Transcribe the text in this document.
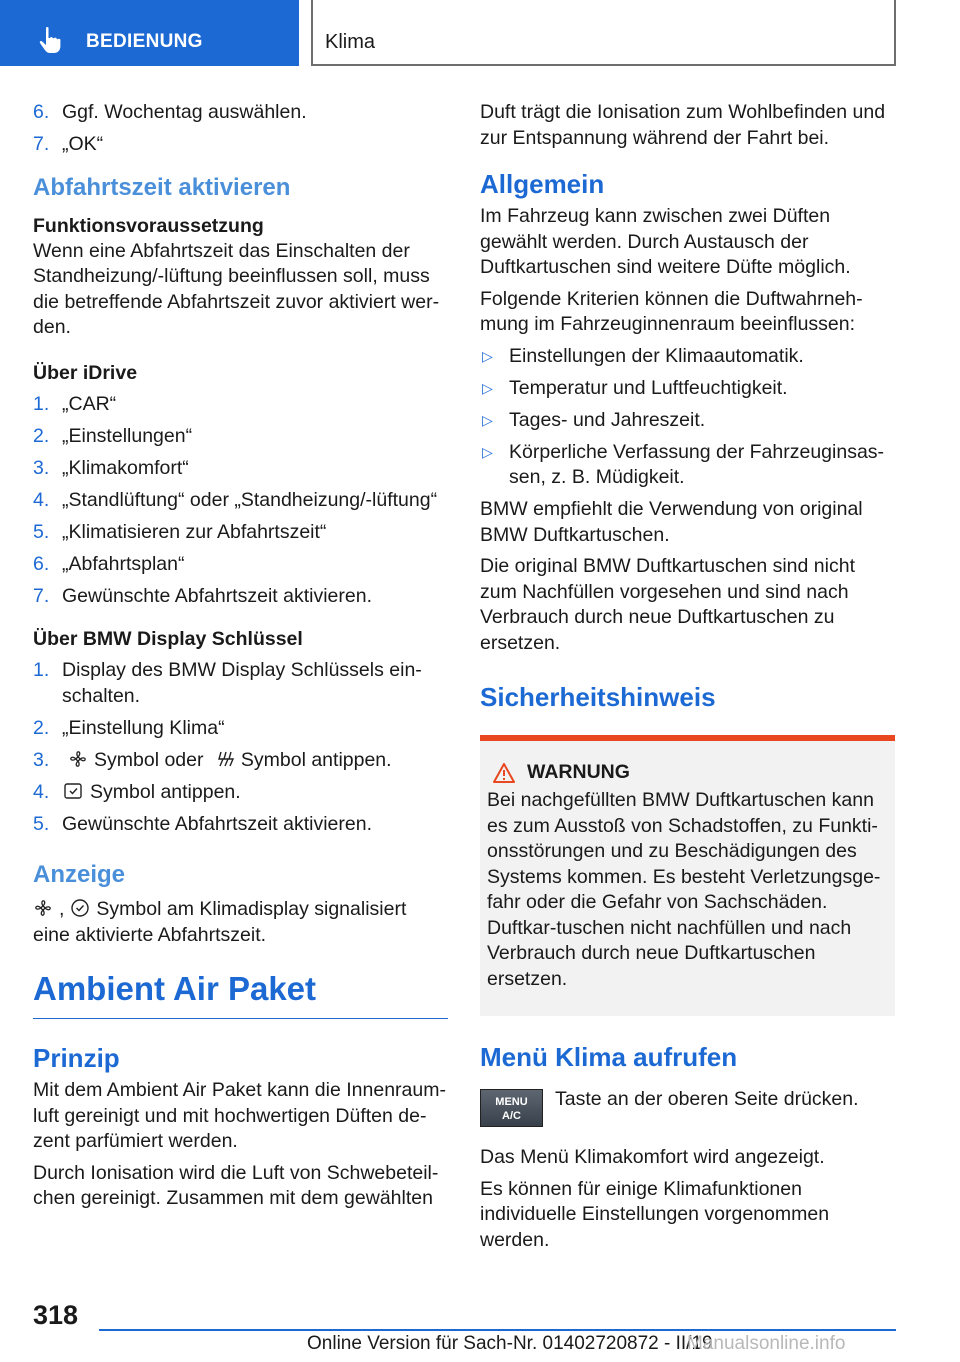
BEDIENUNG	Klima
6. Ggf. Wochentag auswählen.
7. „OK“
Abfahrtszeit aktivieren
Funktionsvoraussetzung

Wenn eine Abfahrtszeit das Einschalten der Standheizung/-lüftung beeinflussen soll, muss die betreffende Abfahrtszeit zuvor aktiviert wer-den.

Über iDrive
1. „CAR“
2. „Einstellungen“
3. „Klimakomfort“
4. „Standlüftung“ oder „Standheizung/-lüftung“
5. „Klimatisieren zur Abfahrtszeit“
6. „Abfahrtsplan“
7. Gewünschte Abfahrtszeit aktivieren.
Über BMW Display Schlüssel
1. Display des BMW Display Schlüssels ein-schalten.
2. „Einstellung Klima“
3. Symbol oder Symbol antippen.
4. Symbol antippen.
5. Gewünschte Abfahrtszeit aktivieren.
Anzeige

, Symbol am Klimadisplay signalisiert eine aktivierte Abfahrtszeit.

Ambient Air Paket
Prinzip

Mit dem Ambient Air Paket kann die Innenraum-luft gereinigt und mit hochwertigen Düften de-zent parfümiert werden.

Durch Ionisation wird die Luft von Schwebeteil-chen gereinigt. Zusammen mit dem gewählten

Duft trägt die Ionisation zum Wohlbefinden und zur Entspannung während der Fahrt bei.

Allgemein

Im Fahrzeug kann zwischen zwei Düften gewählt werden. Durch Austausch der Duftkartuschen sind weitere Düfte möglich.

Folgende Kriterien können die Duftwahrneh-mung im Fahrzeuginnenraum beeinflussen:

▷ Einstellungen der Klimaautomatik.
▷ Temperatur und Luftfeuchtigkeit.
▷ Tages- und Jahreszeit.
▷ Körperliche Verfassung der Fahrzeuginsas-sen, z. B. Müdigkeit.

BMW empfiehlt die Verwendung von original BMW Duftkartuschen.

Die original BMW Duftkartuschen sind nicht zum Nachfüllen vorgesehen und sind nach Verbrauch durch neue Duftkartuschen zu ersetzen.

Sicherheitshinweis
WARNUNG

Bei nachgefüllten BMW Duftkartuschen kann es zum Ausstoß von Schadstoffen, zu Funkti-onsstörungen und zu Beschädigungen des Systems kommen. Es besteht Verletzungsge-fahr oder die Gefahr von Sachschäden. Duftkar-tuschen nicht nachfüllen und nach Verbrauch durch neue Duftkartuschen ersetzen.

Menü Klima aufrufen
MENU
A/C

Taste an der oberen Seite drücken.

Das Menü Klimakomfort wird angezeigt.

Es können für einige Klimafunktionen individuelle Einstellungen vorgenommen werden.

318
Online Version für Sach-Nr. 01402720872 - II/19
Manualsonline.info
